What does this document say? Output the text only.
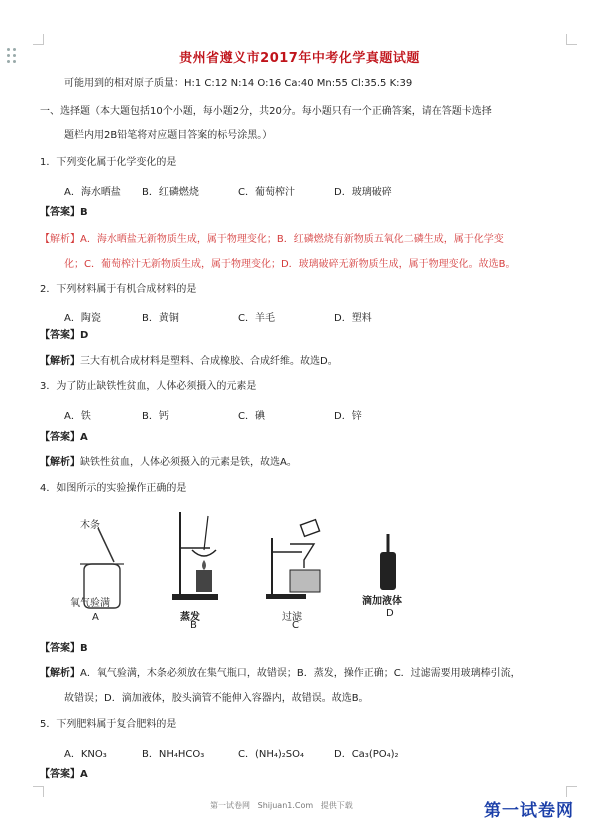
贵州省遵义市2017年中考化学真题试题
可能用到的相对原子质量：H:1 C:12 N:14 O:16 Ca:40 Mn:55 Cl:35.5 K:39
一、选择题（本大题包括10个小题，每小题2分，共20分。每小题只有一个正确答案，请在答题卡选择
题栏内用2B铅笔将对应题目答案的标号涂黑。）
1．下列变化属于化学变化的是
A．海水晒盐 B．红磷燃烧	C．葡萄榨汁	D．玻璃破碎
【答案】B
【解析】A．海水晒盐无新物质生成，属于物理变化；B．红磷燃烧有新物质五氧化二磷生成，属于化学变
化；C．葡萄榨汁无新物质生成，属于物理变化；D．玻璃破碎无新物质生成，属于物理变化。故选B。
2．下列材料属于有机合成材料的是
A．陶瓷	B．黄铜	C．羊毛	D．塑料
【答案】D
【解析】三大有机合成材料是塑料、合成橡胶、合成纤维。故选D。
3．为了防止缺铁性贫血，人体必须摄入的元素是
A．铁	B．钙	C．碘	D．锌
【答案】A
【解析】缺铁性贫血，人体必须摄入的元素是铁，故选A。
4．如图所示的实验操作正确的是
木条
氧气验满
A	蒸发
B
过滤
C
滴加液体
D
【答案】B
【解析】A．氧气验满，木条必须放在集气瓶口，故错误；B．蒸发，操作正确；C．过滤需要用玻璃棒引流，
故错误；D．滴加液体，胶头滴管不能伸入容器内，故错误。故选B。
5．下列肥料属于复合肥料的是
A．KNO₃	B．NH₄HCO₃	C．(NH₄)₂SO₄	D．Ca₃(PO₄)₂
【答案】A
第一试卷网   Shijuan1.Com   提供下载	第一试卷网
